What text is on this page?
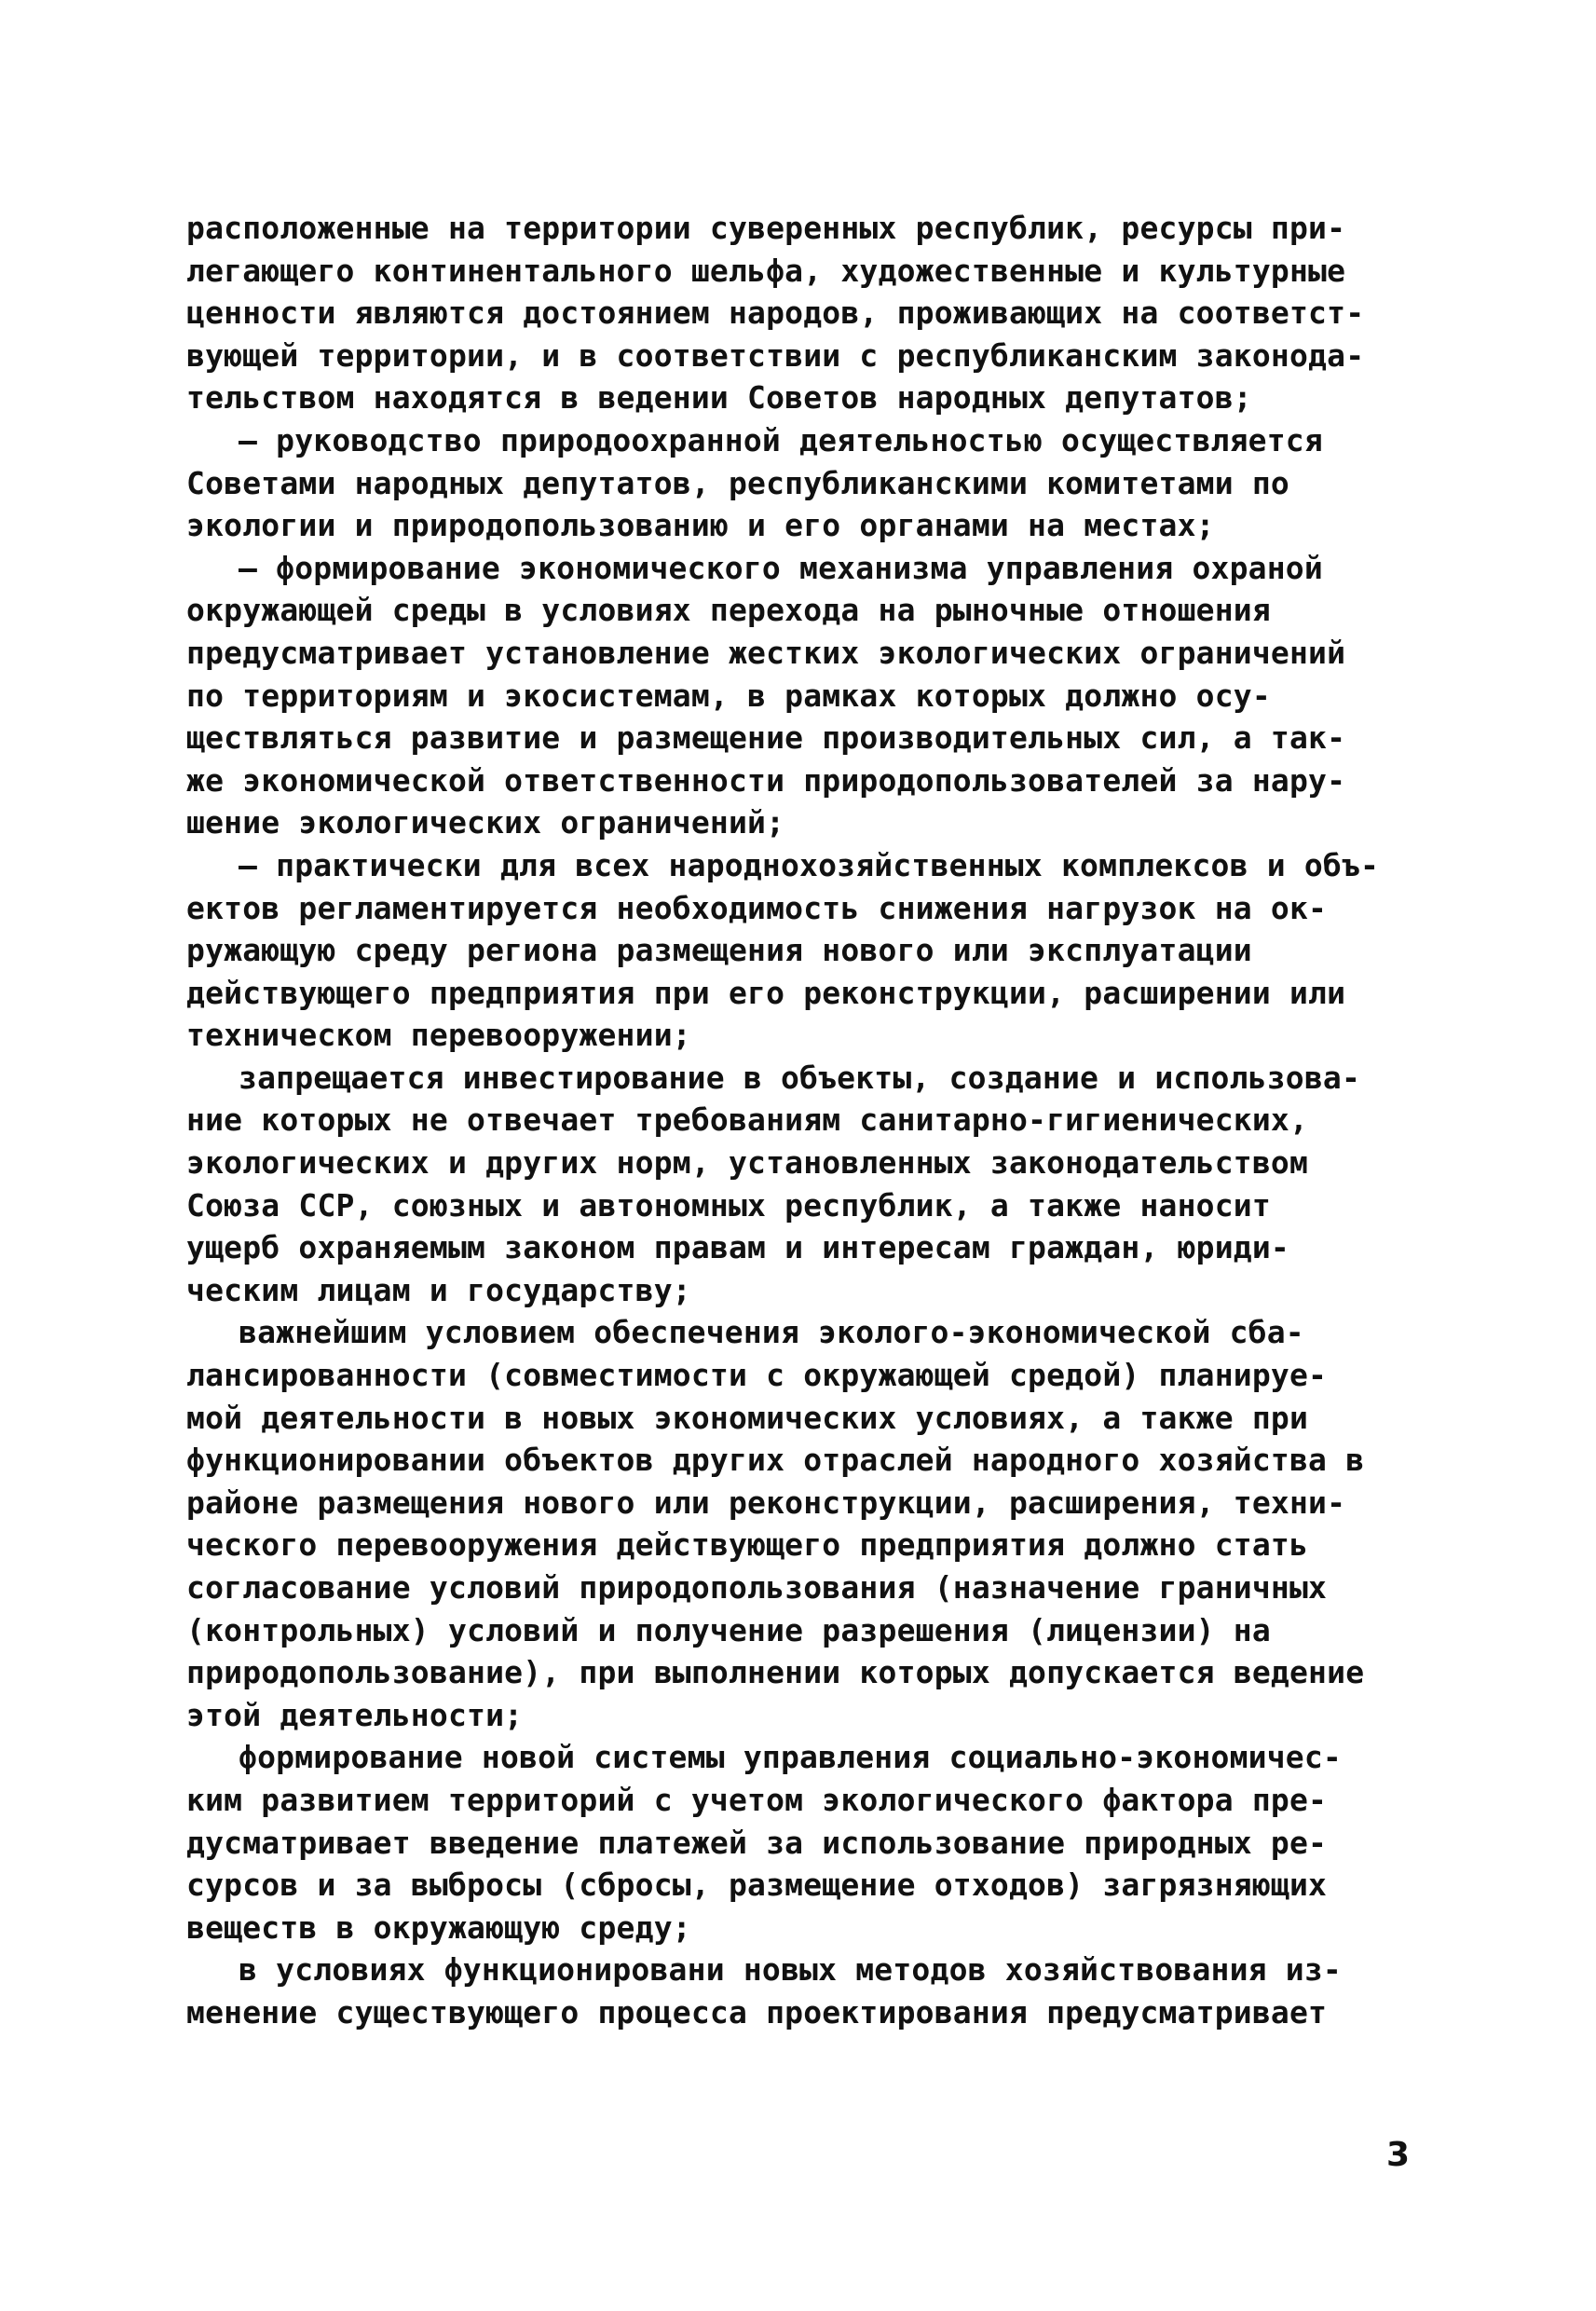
расположенные на территории суверенных республик, ресурсы при-
легающего континентального шельфа, художественные и культурные
ценности являются достоянием народов, проживающих на соответст-
вующей территории, и в соответствии с республиканским законода-
тельством находятся в ведении Советов народных депутатов;
– руководство природоохранной деятельностью осуществляется
Советами народных депутатов, республиканскими комитетами по
экологии и природопользованию и его органами на местах;
– формирование экономического механизма управления охраной
окружающей среды в условиях перехода на рыночные отношения
предусматривает установление жестких экологических ограничений
по территориям и экосистемам, в рамках которых должно осу-
ществляться развитие и размещение производительных сил, а так-
же экономической ответственности природопользователей за нару-
шение экологических ограничений;
– практически для всех народнохозяйственных комплексов и объ-
ектов регламентируется необходимость снижения нагрузок на ок-
ружающую среду региона размещения нового или эксплуатации
действующего предприятия при его реконструкции, расширении или
техническом перевооружении;
запрещается инвестирование в объекты, создание и использова-
ние которых не отвечает требованиям санитарно-гигиенических,
экологических и других норм, установленных законодательством
Союза ССР, союзных и автономных республик, а также наносит
ущерб охраняемым законом правам и интересам граждан, юриди-
ческим лицам и государству;
важнейшим условием обеспечения эколого-экономической сба-
лансированности (совместимости с окружающей средой) планируе-
мой деятельности в новых экономических условиях, а также при
функционировании объектов других отраслей народного хозяйства в
районе размещения нового или реконструкции, расширения, техни-
ческого перевооружения действующего предприятия должно стать
согласование условий природопользования (назначение граничных
(контрольных) условий и получение разрешения (лицензии) на
природопользование), при выполнении которых допускается ведение
этой деятельности;
формирование новой системы управления социально-экономичес-
ким развитием территорий с учетом экологического фактора пре-
дусматривает введение платежей за использование природных ре-
сурсов и за выбросы (сбросы, размещение отходов) загрязняющих
веществ в окружающую среду;
в условиях функционировани новых методов хозяйствования из-
менение существующего процесса проектирования предусматривает
3
